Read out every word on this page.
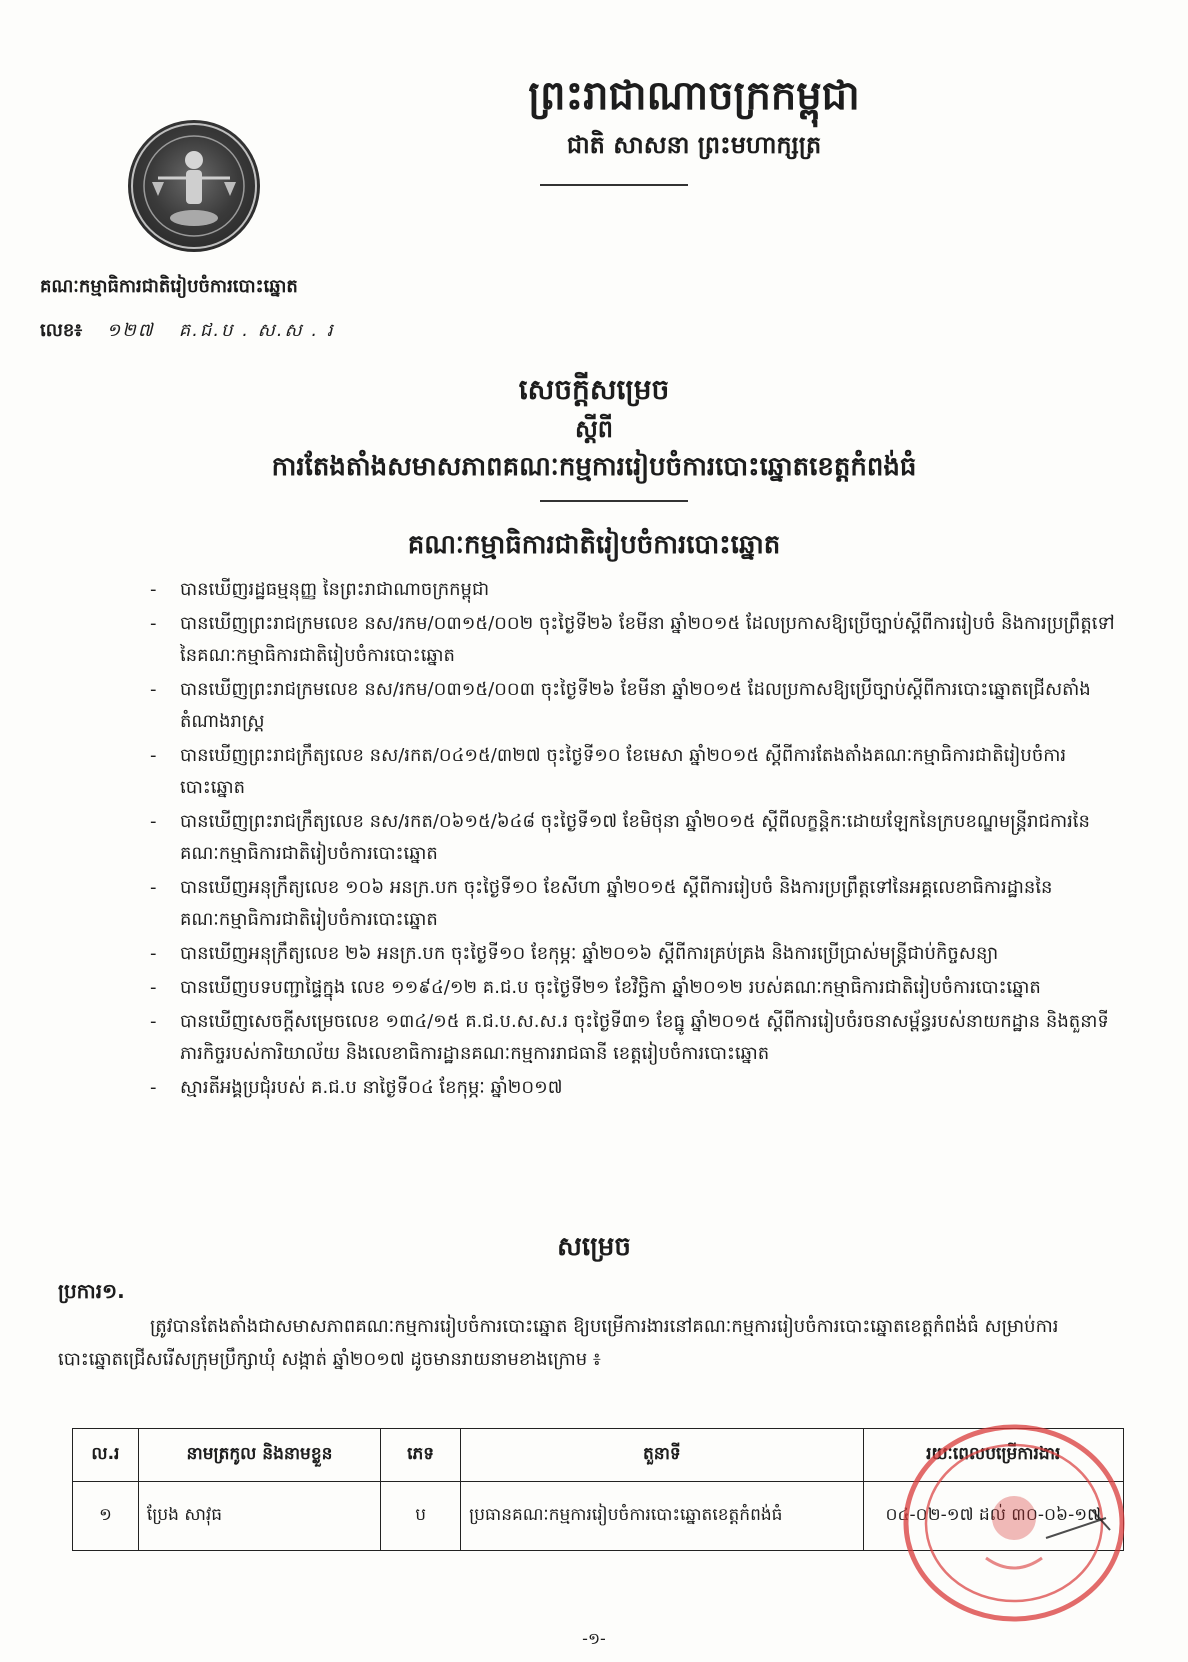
ព្រះរាជាណាចក្រកម្ពុជា
ជាតិ សាសនា ព្រះមហាក្សត្រ
គណៈកម្មាធិការជាតិរៀបចំការបោះឆ្នោត
លេខ៖ ១២៧ គ.ជ.ប . ស.ស . រ
សេចក្តីសម្រេច
ស្តីពី
ការតែងតាំងសមាសភាពគណៈកម្មការរៀបចំការបោះឆ្នោតខេត្តកំពង់ធំ
គណៈកម្មាធិការជាតិរៀបចំការបោះឆ្នោត
- បានឃើញរដ្ឋធម្មនុញ្ញ នៃព្រះរាជាណាចក្រកម្ពុជា
- បានឃើញព្រះរាជក្រមលេខ នស/រកម/០៣១៥/០០២ ចុះថ្ងៃទី២៦ ខែមីនា ឆ្នាំ២០១៥ ដែលប្រកាសឱ្យប្រើច្បាប់ស្តីពីការរៀបចំ និងការប្រព្រឹត្តទៅនៃគណៈកម្មាធិការជាតិរៀបចំការបោះឆ្នោត
- បានឃើញព្រះរាជក្រមលេខ នស/រកម/០៣១៥/០០៣ ចុះថ្ងៃទី២៦ ខែមីនា ឆ្នាំ២០១៥ ដែលប្រកាសឱ្យប្រើច្បាប់ស្តីពីការបោះឆ្នោតជ្រើសតាំងតំណាងរាស្ត្រ
- បានឃើញព្រះរាជក្រឹត្យលេខ នស/រកត/០៤១៥/៣២៧ ចុះថ្ងៃទី១០ ខែមេសា ឆ្នាំ២០១៥ ស្តីពីការតែងតាំងគណៈកម្មាធិការជាតិរៀបចំការបោះឆ្នោត
- បានឃើញព្រះរាជក្រឹត្យលេខ នស/រកត/០៦១៥/៦៤៨ ចុះថ្ងៃទី១៧ ខែមិថុនា ឆ្នាំ២០១៥ ស្តីពីលក្ខន្តិកៈដោយឡែកនៃក្របខណ្ឌមន្ត្រីរាជការនៃគណៈកម្មាធិការជាតិរៀបចំការបោះឆ្នោត
- បានឃើញអនុក្រឹត្យលេខ ១០៦ អនក្រ.បក ចុះថ្ងៃទី១០ ខែសីហា ឆ្នាំ២០១៥ ស្តីពីការរៀបចំ និងការប្រព្រឹត្តទៅនៃអគ្គលេខាធិការដ្ឋាននៃគណៈកម្មាធិការជាតិរៀបចំការបោះឆ្នោត
- បានឃើញអនុក្រឹត្យលេខ ២៦ អនក្រ.បក ចុះថ្ងៃទី១០ ខែកុម្ភៈ ឆ្នាំ២០១៦ ស្តីពីការគ្រប់គ្រង និងការប្រើប្រាស់មន្ត្រីជាប់កិច្ចសន្យា
- បានឃើញបទបញ្ជាផ្ទៃក្នុង លេខ ១១៩៤/១២ គ.ជ.ប ចុះថ្ងៃទី២១ ខែវិច្ឆិកា ឆ្នាំ២០១២ របស់គណៈកម្មាធិការជាតិរៀបចំការបោះឆ្នោត
- បានឃើញសេចក្តីសម្រេចលេខ ១៣៤/១៥ គ.ជ.ប.ស.ស.រ ចុះថ្ងៃទី៣១ ខែធ្នូ ឆ្នាំ២០១៥ ស្តីពីការរៀបចំរចនាសម្ព័ន្ធរបស់នាយកដ្ឋាន និងតួនាទី ភារកិច្ចរបស់ការិយាល័យ និងលេខាធិការដ្ឋានគណៈកម្មការរាជធានី ខេត្តរៀបចំការបោះឆ្នោត
- ស្មារតីអង្គប្រជុំរបស់ គ.ជ.ប នាថ្ងៃទី០៤ ខែកុម្ភៈ ឆ្នាំ២០១៧
សម្រេច
ប្រការ១.
ត្រូវបានតែងតាំងជាសមាសភាពគណៈកម្មការរៀបចំការបោះឆ្នោត ឱ្យបម្រើការងារនៅគណៈកម្មការរៀបចំការបោះឆ្នោតខេត្តកំពង់ធំ សម្រាប់ការបោះឆ្នោតជ្រើសរើសក្រុមប្រឹក្សាឃុំ សង្កាត់ ឆ្នាំ២០១៧ ដូចមានរាយនាមខាងក្រោម ៖
ល.រ	នាមត្រកូល និងនាមខ្លួន	ភេទ	តួនាទី	រយៈពេលបម្រើការងារ
១	ប្រែង សាវុធ	ប	ប្រធានគណៈកម្មការរៀបចំការបោះឆ្នោតខេត្តកំពង់ធំ	០៤-០២-១៧ ដល់ ៣០-០៦-១៧
-១-
